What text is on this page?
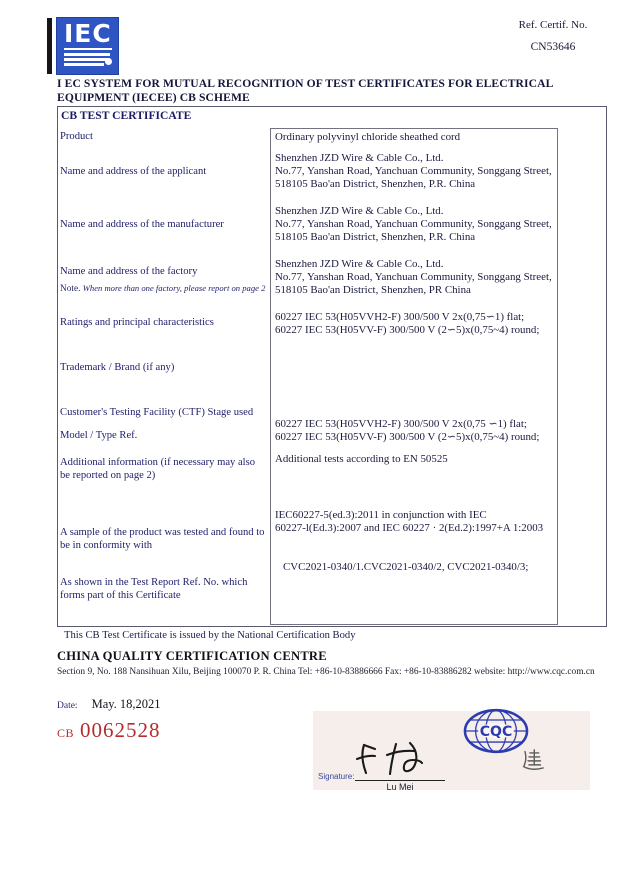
IEC	Ref. Certif. No.
CN53646
I EC SYSTEM FOR MUTUAL RECOGNITION OF TEST CERTIFICATES FOR ELECTRICAL EQUIPMENT (IECEE) CB SCHEME
CB TEST CERTIFICATE
Product
Name and address of the applicant
Name and address of the manufacturer
Name and address of the factory
Note. When more than one factory, please report on page 2
Ratings and principal characteristics
Trademark / Brand (if any)
Customer's Testing Facility (CTF) Stage used
Model / Type Ref.
Additional information (if necessary may also be reported on page 2)
A sample of the product was tested and found to be in conformity with
As shown in the Test Report Ref. No. which forms part of this Certificate
Ordinary polyvinyl chloride sheathed cord
Shenzhen JZD Wire & Cable Co., Ltd.
No.77, Yanshan Road, Yanchuan Community, Songgang Street,
518105 Bao'an District, Shenzhen, P.R. China
Shenzhen JZD Wire & Cable Co., Ltd.
No.77, Yanshan Road, Yanchuan Community, Songgang Street,
518105 Bao'an District, Shenzhen, P.R. China
Shenzhen JZD Wire & Cable Co., Ltd.
No.77, Yanshan Road, Yanchuan Community, Songgang Street,
518105 Bao'an District, Shenzhen, PR China
60227 IEC 53(H05VVH2-F) 300/500 V 2x(0,75∽1) flat;
60227 IEC 53(H05VV-F) 300/500 V (2∽5)x(0,75~4) round;
60227 IEC 53(H05VVH2-F) 300/500 V 2x(0,75 ∽1) flat;
60227 IEC 53(H05VV-F) 300/500 V (2∽5)x(0,75~4) round;
Additional tests according to EN 50525
IEC60227-5(ed.3):2011 in conjunction with IEC
60227-l(Ed.3):2007 and IEC 60227 · 2(Ed.2):1997+A 1:2003
CVC2021-0340/1.CVC2021-0340/2, CVC2021-0340/3;
This CB Test Certificate is issued by the National Certification Body
CHINA QUALITY CERTIFICATION CENTRE
Section 9, No. 188 Nansihuan Xilu, Beijing 100070 P. R. China Tel: +86-10-83886666 Fax: +86-10-83886282 website: http://www.cqc.com.cn
Date: May. 18,2021
CB 0062528	CQC
Signature:
Lu Mei
